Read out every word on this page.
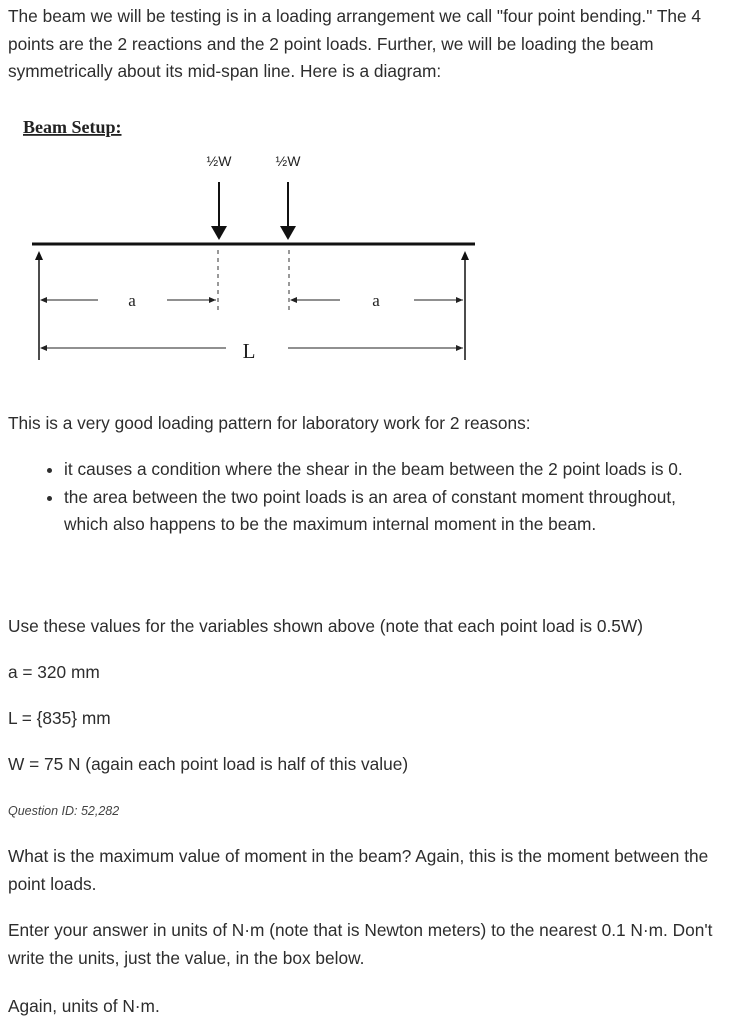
The beam we will be testing is in a loading arrangement we call "four point bending." The 4 points are the 2 reactions and the 2 point loads. Further, we will be loading the beam symmetrically about its mid-span line. Here is a diagram:

Beam Setup:
½W	½W
a	a
L

This is a very good loading pattern for laboratory work for 2 reasons:

• it causes a condition where the shear in the beam between the 2 point loads is 0.
• the area between the two point loads is an area of constant moment throughout, which also happens to be the maximum internal moment in the beam.

Use these values for the variables shown above (note that each point load is 0.5W)

a = 320 mm

L = {835} mm

W = 75 N (again each point load is half of this value)

Question ID: 52,282

What is the maximum value of moment in the beam? Again, this is the moment between the point loads.

Enter your answer in units of N·m (note that is Newton meters) to the nearest 0.1 N·m. Don't write the units, just the value, in the box below.

Again, units of N·m.
